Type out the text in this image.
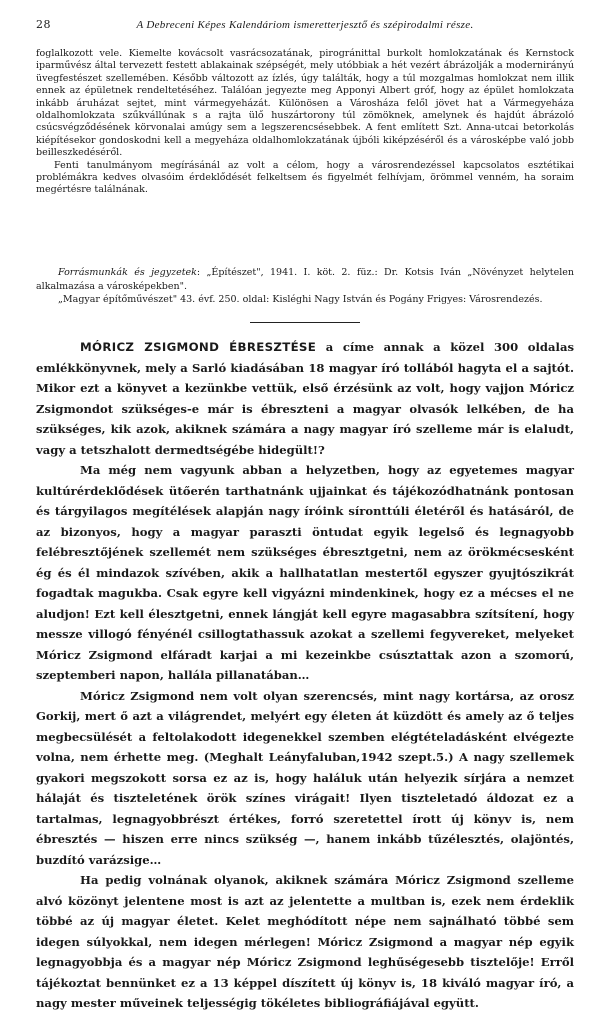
28	A Debreceni Képes Kalendáriom ismeretterjesztő és szépirodalmi része.

foglalkozott vele. Kiemelte kovácsolt vasrácsozatának, pirogránittal burkolt homlokzatának és Kernstock iparművész által tervezett festett ablakainak szépségét, mely utóbbiak a hét vezért ábrázolják a modernirányú üvegfestészet szellemében. Később változott az ízlés, úgy találták, hogy a túl mozgalmas homlokzat nem illik ennek az épületnek rendeltetéséhez. Találóan jegyezte meg Apponyi Albert gróf, hogy az épület homlokzata inkább áruházat sejtet, mint vármegyeházát. Különösen a Városháza felől jövet hat a Vármegyeháza oldalhomlokzata szűkvállúnak s a rajta ülő huszártorony túl zömöknek, amelynek és hajdút ábrázoló csúcsvégződésének körvonalai amúgy sem a legszerencsésebbek. A fent említett Szt. Anna-utcai betorkolás kiépítésekor gondoskodni kell a megyeháza oldalhomlokzatának újbóli kiképzéséről és a városképbe való jobb beilleszkedéséről.

Fenti tanulmányom megírásánál az volt a célom, hogy a városrendezéssel kapcsolatos esztétikai problémákra kedves olvasóim érdeklődését felkeltsem és figyelmét felhívjam, örömmel venném, ha soraim megértésre találnának.

Forrásmunkák és jegyzetek: „Építészet", 1941. I. köt. 2. füz.: Dr. Kotsis Iván „Növényzet helytelen alkalmazása a városképekben".

„Magyar építőművészet" 43. évf. 250. oldal: Kisléghi Nagy István és Pogány Frigyes: Városrendezés.

MÓRICZ ZSIGMOND ÉBRESZTÉSE a címe annak a közel 300 oldalas emlékkönyvnek, mely a Sarló kiadásában 18 magyar író tollából hagyta el a sajtót. Mikor ezt a könyvet a kezünkbe vettük, első érzésünk az volt, hogy vajjon Móricz Zsigmondot szükséges-e már is ébreszteni a magyar olvasók lelkében, de ha szükséges, kik azok, akiknek számára a nagy magyar író szelleme már is elaludt, vagy a tetszhalott dermedtségébe hidegült!?

Ma még nem vagyunk abban a helyzetben, hogy az egyetemes magyar kultúrérdeklődések ütőerén tarthatnánk ujjainkat és tájékozódhatnánk pontosan és tárgyilagos megítélések alapján nagy íróink síronttúli életéről és hatásáról, de az bizonyos, hogy a magyar paraszti öntudat egyik legelső és legnagyobb felébresztőjének szellemét nem szükséges ébresztgetni, nem az örökmécsesként ég és él mindazok szívében, akik a hallhatatlan mestertől egyszer gyujtószikrát fogadtak magukba. Csak egyre kell vigyázni mindenkinek, hogy ez a mécses el ne aludjon! Ezt kell élesztgetni, ennek lángját kell egyre magasabbra szítsítení, hogy messze villogó fényénél csillogtathassuk azokat a szellemi fegyvereket, melyeket Móricz Zsigmond elfáradt karjai a mi kezeinkbe csúsztattak azon a szomorú, szeptemberi napon, hallála pillanatában…

Móricz Zsigmond nem volt olyan szerencsés, mint nagy kortársa, az orosz Gorkij, mert ő azt a világrendet, melyért egy életen át küzdött és amely az ő teljes megbecsülését a feltolakodott idegenekkel szemben elégtételadásként elvégezte volna, nem érhette meg. (Meghalt Leányfaluban,1942 szept.5.) A nagy szellemek gyakori megszokott sorsa ez az is, hogy haláluk után helyezik sírjára a nemzet hálaját és tiszteletének örök színes virágait! Ilyen tiszteletadó áldozat ez a tartalmas, legnagyobbrészt értékes, forró szeretettel írott új könyv is, nem ébresztés — hiszen erre nincs szükség —, hanem inkább tűzélesztés, olajöntés, buzdító varázsige…

Ha pedig volnának olyanok, akiknek számára Móricz Zsigmond szelleme alvó közönyt jelentene most is azt az jelentette a multban is, ezek nem érdeklik többé az új magyar életet. Kelet meghódított népe nem sajnálható többé sem idegen súlyokkal, nem idegen mérlegen! Móricz Zsigmond a magyar nép egyik legnagyobbja és a magyar nép Móricz Zsigmond leghűségesebb tisztelője! Erről tájékoztat bennünket ez a 13 képpel díszített új könyv is, 18 kiváló magyar író, a nagy mester műveinek teljességig tökéletes bibliográfiájával együtt.
